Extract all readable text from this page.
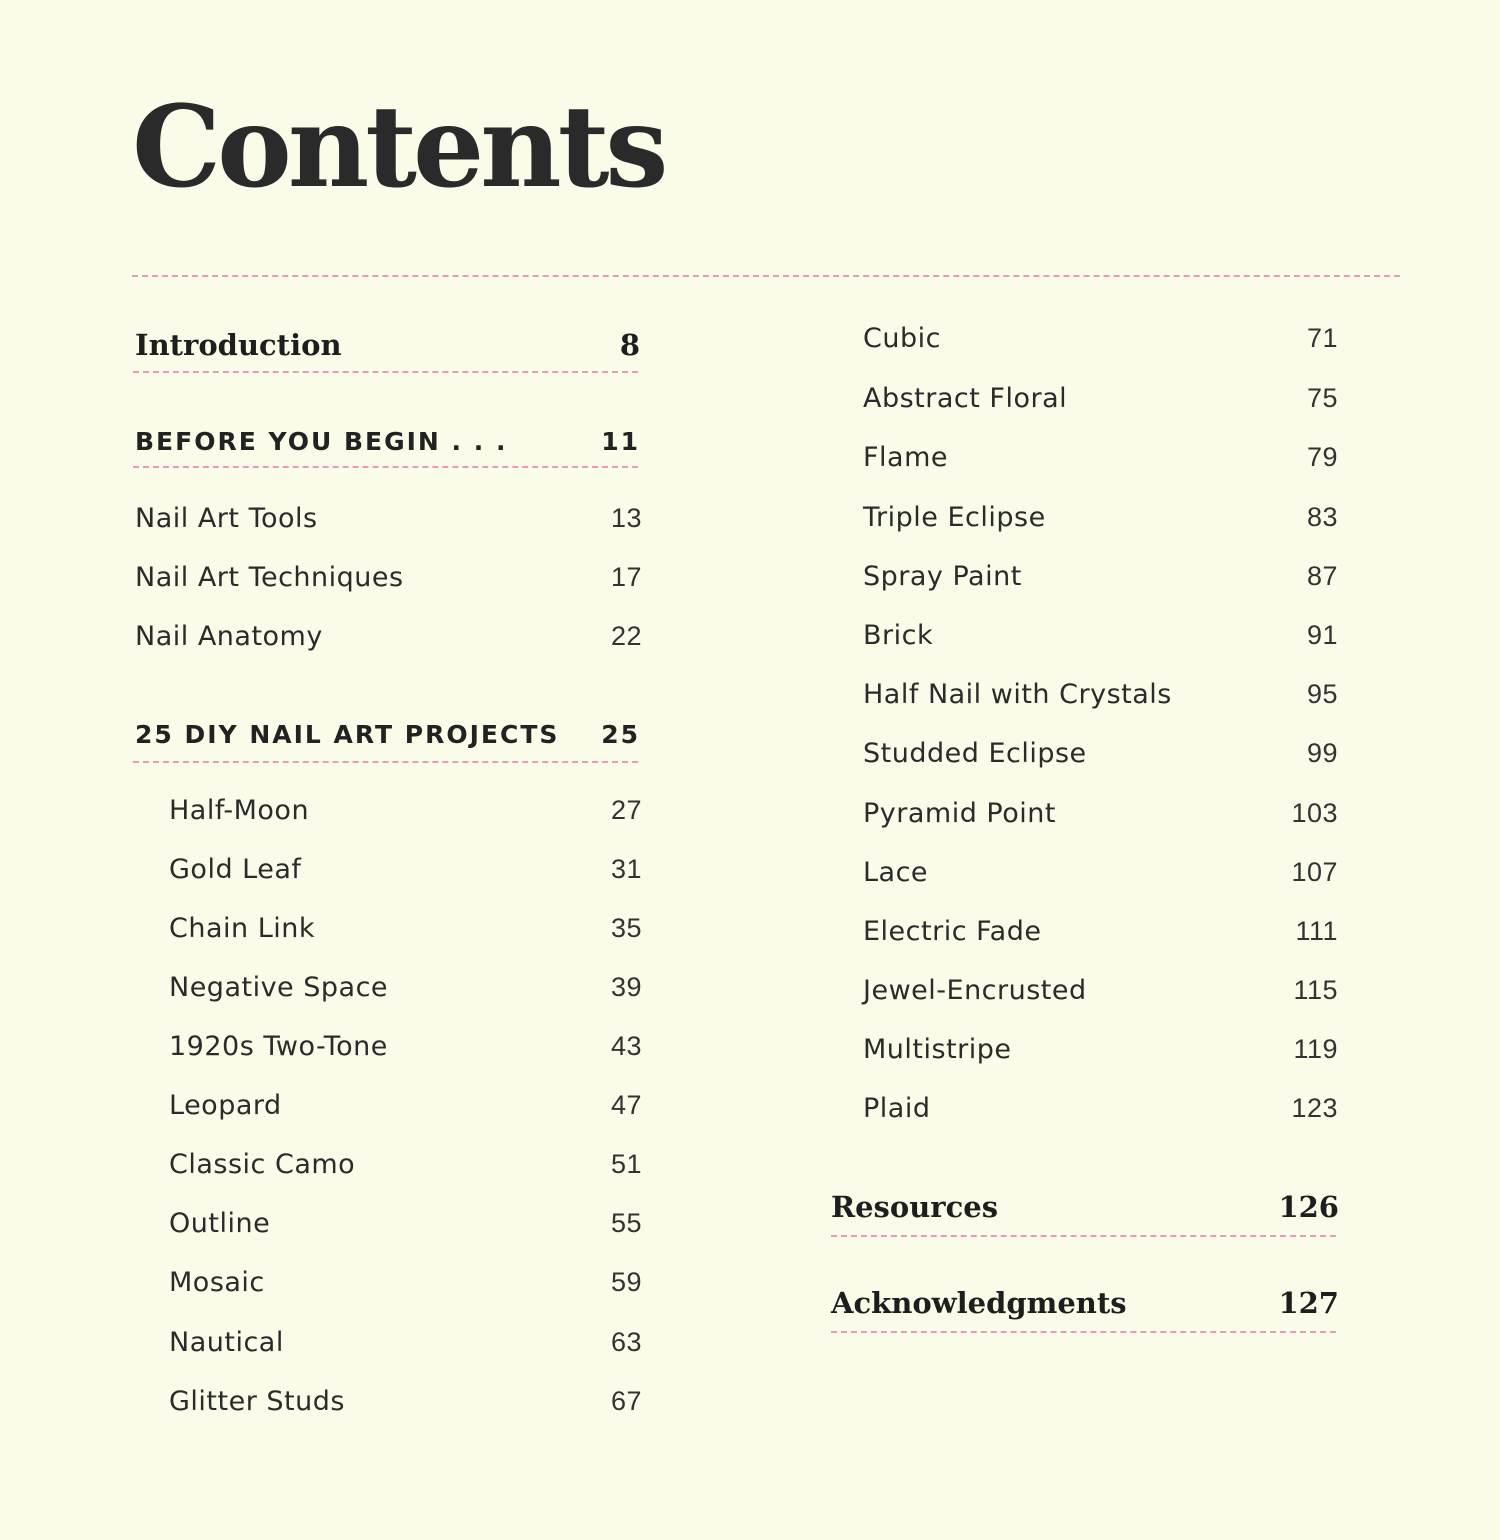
Contents
Introduction	8
BEFORE YOU BEGIN . . .	11
Nail Art Tools	13
Nail Art Techniques	17
Nail Anatomy	22
25 DIY NAIL ART PROJECTS 25
Half-Moon	27
Gold Leaf	31
Chain Link	35
Negative Space	39
1920s Two-Tone	43
Leopard	47
Classic Camo	51
Outline	55
Mosaic	59
Nautical	63
Glitter Studs	67
Cubic	71
Abstract Floral	75
Flame	79
Triple Eclipse	83
Spray Paint	87
Brick	91
Half Nail with Crystals	95
Studded Eclipse	99
Pyramid Point	103
Lace	107
Electric Fade	111
Jewel-Encrusted	115
Multistripe	119
Plaid	123
Resources	126
Acknowledgments	127
